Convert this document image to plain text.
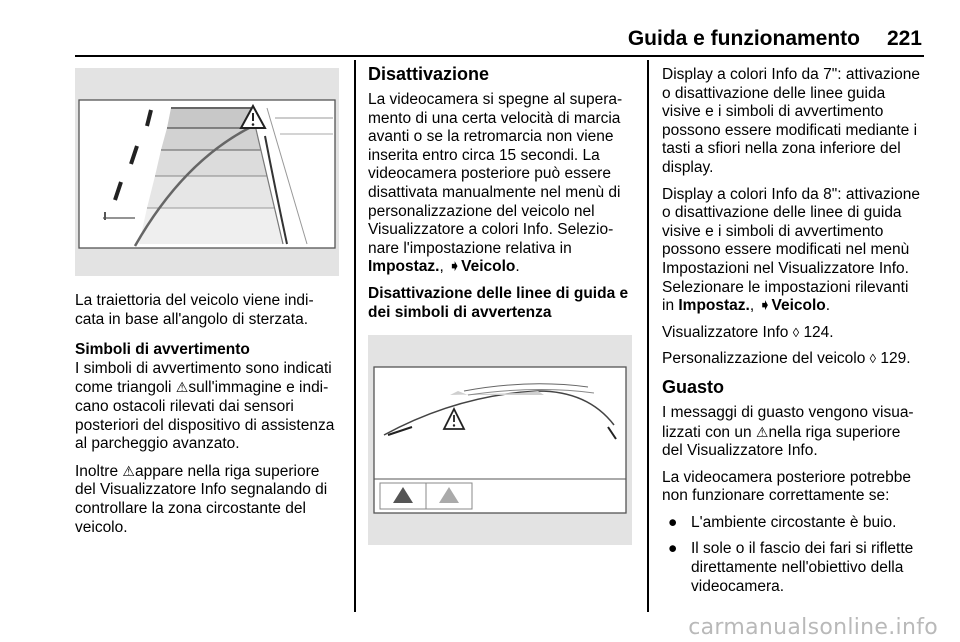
Guida e funzionamento 221

La traiettoria del veicolo viene indi-
cata in base all'angolo di sterzata.

Simboli di avvertimento

I simboli di avvertimento sono indicati
come triangoli ⚠sull'immagine e indi-
cano ostacoli rilevati dai sensori
posteriori del dispositivo di assistenza
al parcheggio avanzato.

Inoltre ⚠appare nella riga superiore
del Visualizzatore Info segnalando di
controllare la zona circostante del
veicolo.

Disattivazione

La videocamera si spegne al supera-
mento di una certa velocità di marcia
avanti o se la retromarcia non viene
inserita entro circa 15 secondi. La
videocamera posteriore può essere
disattivata manualmente nel menù di
personalizzazione del veicolo nel
Visualizzatore a colori Info. Selezio-
nare l'impostazione relativa in
Impostaz., ➧Veicolo.

Disattivazione delle linee di guida e
dei simboli di avvertenza

Display a colori Info da 7": attivazione
o disattivazione delle linee guida
visive e i simboli di avvertimento
possono essere modificati mediante i
tasti a sfiori nella zona inferiore del
display.

Display a colori Info da 8": attivazione
o disattivazione delle linee di guida
visive e i simboli di avvertimento
possono essere modificati nel menù
Impostazioni nel Visualizzatore Info.
Selezionare le impostazioni rilevanti
in Impostaz., ➧Veicolo.

Visualizzatore Info ◊ 124.

Personalizzazione del veicolo ◊ 129.

Guasto

I messaggi di guasto vengono visua-
lizzati con un ⚠nella riga superiore
del Visualizzatore Info.

La videocamera posteriore potrebbe
non funzionare correttamente se:

● L'ambiente circostante è buio.
● Il sole o il fascio dei fari si riflette
direttamente nell'obiettivo della
videocamera.
carmanualsonline.info
